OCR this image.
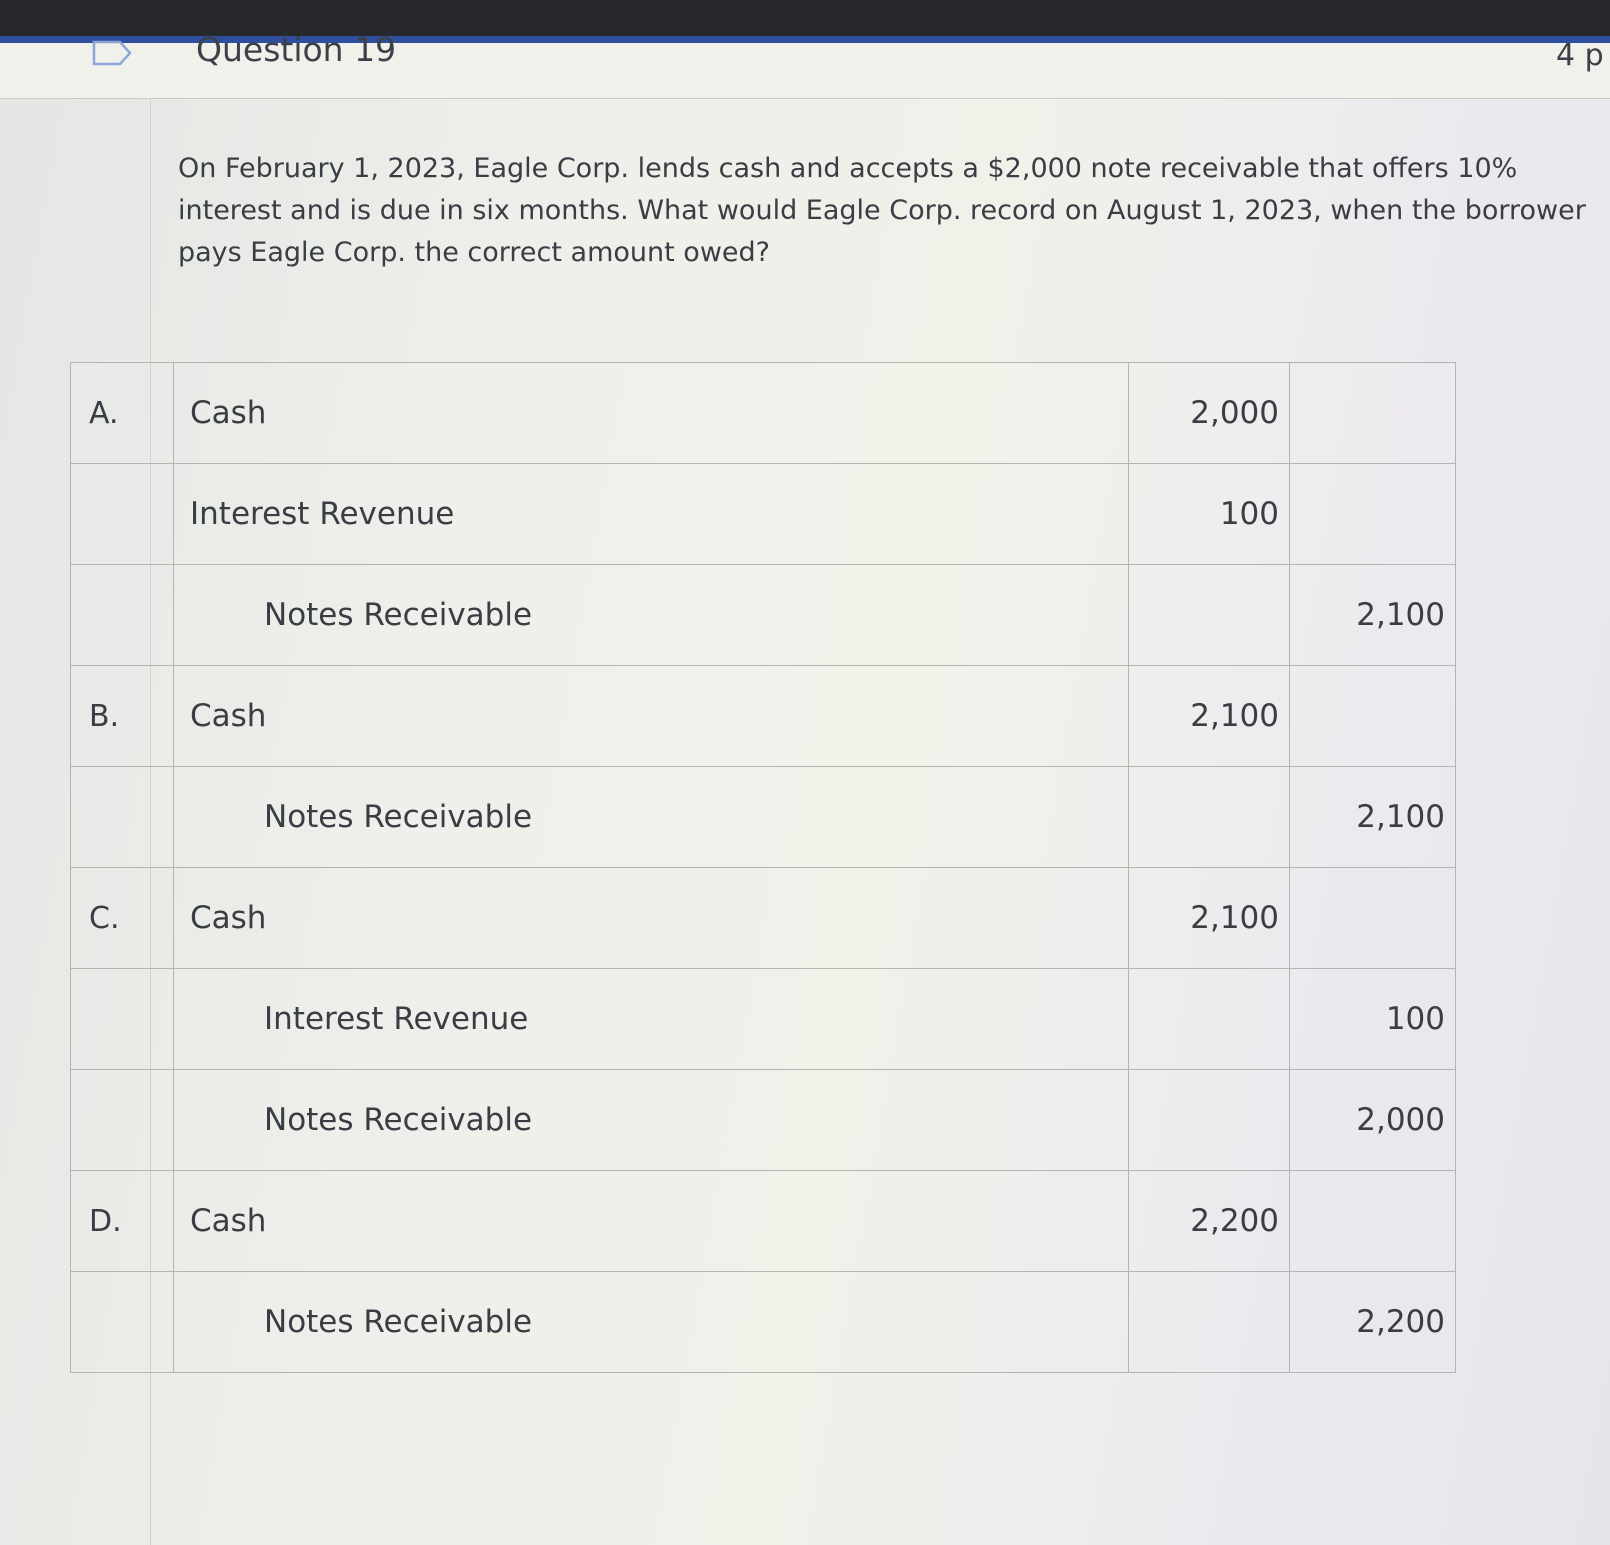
Question 19	4 p
On February 1, 2023, Eagle Corp. lends cash and accepts a $2,000 note receivable that offers 10% interest and is due in six months. What would Eagle Corp. record on August 1, 2023, when the borrower pays Eagle Corp. the correct amount owed?
A.	Cash	2,000	
	Interest Revenue	100	
	Notes Receivable		2,100
B.	Cash	2,100	
	Notes Receivable		2,100
C.	Cash	2,100	
	Interest Revenue		100
	Notes Receivable		2,000
D.	Cash	2,200	
	Notes Receivable		2,200
